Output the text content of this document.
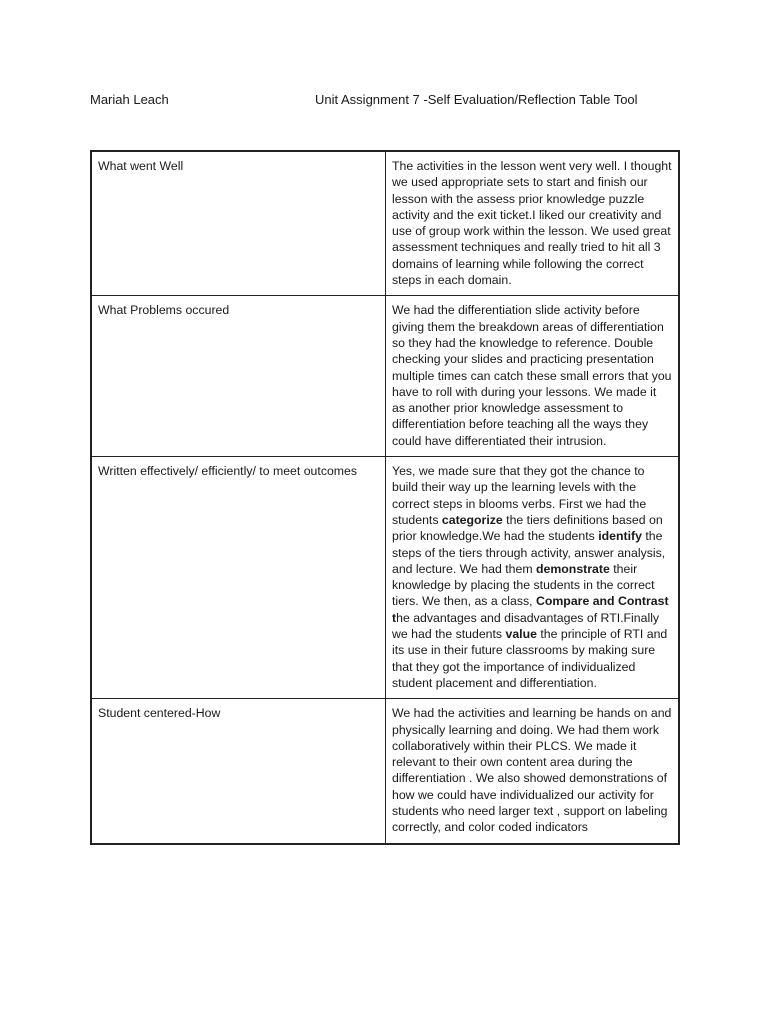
Mariah Leach	Unit Assignment 7 -Self Evaluation/Reflection Table Tool
What went Well	The activities in the lesson went very well. I thought we used appropriate sets to start and finish our lesson with the assess prior knowledge puzzle activity and the exit ticket.I liked our creativity and use of group work within the lesson. We used great assessment techniques and really tried to hit all 3 domains of learning while following the correct steps in each domain.
What Problems occured	We had the differentiation slide activity before giving them the breakdown areas of differentiation so they had the knowledge to reference. Double checking your slides and practicing presentation multiple times can catch these small errors that you have to roll with during your lessons. We made it as another prior knowledge assessment to differentiation before teaching all the ways they could have differentiated their intrusion.
Written effectively/ efficiently/ to meet outcomes	Yes, we made sure that they got the chance to build their way up the learning levels with the correct steps in blooms verbs. First we had the students categorize the tiers definitions based on prior knowledge.We had the students identify the steps of the tiers through activity, answer analysis, and lecture. We had them demonstrate their knowledge by placing the students in the correct tiers. We then, as a class, Compare and Contrast the advantages and disadvantages of RTI.Finally we had the students value the principle of RTI and its use in their future classrooms by making sure that they got the importance of individualized student placement and differentiation.
Student centered-How	We had the activities and learning be hands on and physically learning and doing. We had them work collaboratively within their PLCS. We made it relevant to their own content area during the differentiation . We also showed demonstrations of how we could have individualized our activity for students who need larger text , support on labeling correctly, and color coded indicators
